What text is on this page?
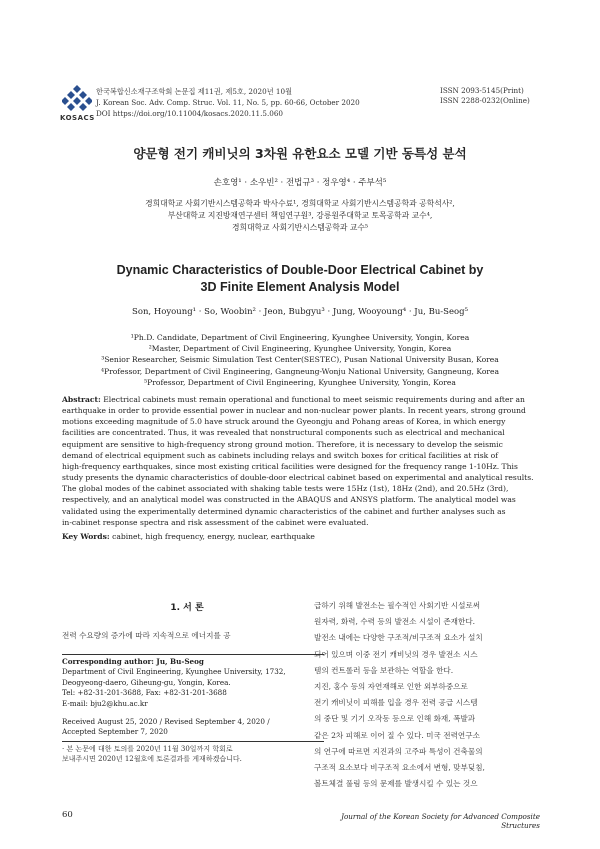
KOSACS
한국복합신소재구조학회 논문집 제11권, 제5호, 2020년 10월
J. Korean Soc. Adv. Comp. Struc. Vol. 11, No. 5, pp. 60-66, October 2020
DOI https://doi.org/10.11004/kosacs.2020.11.5.060
ISSN 2093-5145(Print)
ISSN 2288-0232(Online)
양문형 전기 캐비닛의 3차원 유한요소 모델 기반 동특성 분석
손호영¹ · 소우빈² · 전법규³ · 정우영⁴ · 주부석⁵
경희대학교 사회기반시스템공학과 박사수료¹, 경희대학교 사회기반시스템공학과 공학석사²,
부산대학교 지진방재연구센터 책임연구원³, 강릉원주대학교 토목공학과 교수⁴,
경희대학교 사회기반시스템공학과 교수⁵
Dynamic Characteristics of Double-Door Electrical Cabinet by
3D Finite Element Analysis Model
Son, Hoyoung¹ · So, Woobin² · Jeon, Bubgyu³ · Jung, Wooyoung⁴ · Ju, Bu-Seog⁵
¹Ph.D. Candidate, Department of Civil Engineering, Kyunghee University, Yongin, Korea
²Master, Department of Civil Engineering, Kyunghee University, Yongin, Korea
³Senior Researcher, Seismic Simulation Test Center(SESTEC), Pusan National University Busan, Korea
⁴Professor, Department of Civil Engineering, Gangneung-Wonju National University, Gangneung, Korea
⁵Professor, Department of Civil Engineering, Kyunghee University, Yongin, Korea
Abstract: Electrical cabinets must remain operational and functional to meet seismic requirements during and after an
earthquake in order to provide essential power in nuclear and non-nuclear power plants. In recent years, strong ground
motions exceeding magnitude of 5.0 have struck around the Gyeongju and Pohang areas of Korea, in which energy
facilities are concentrated. Thus, it was revealed that nonstructural components such as electrical and mechanical
equipment are sensitive to high-frequency strong ground motion. Therefore, it is necessary to develop the seismic
demand of electrical equipment such as cabinets including relays and switch boxes for critical facilities at risk of
high-frequency earthquakes, since most existing critical facilities were designed for the frequency range 1-10Hz. This
study presents the dynamic characteristics of double-door electrical cabinet based on experimental and analytical results.
The global modes of the cabinet associated with shaking table tests were 15Hz (1st), 18Hz (2nd), and 20.5Hz (3rd),
respectively, and an analytical model was constructed in the ABAQUS and ANSYS platform. The analytical model was
validated using the experimentally determined dynamic characteristics of the cabinet and further analyses such as
in-cabinet response spectra and risk assessment of the cabinet were evaluated.
Key Words: cabinet, high frequency, energy, nuclear, earthquake
1. 서 론
전력 수요량의 증가에 따라 지속적으로 에너지를 공
Corresponding author: Ju, Bu-Seog
Department of Civil Engineering, Kyunghee University, 1732,
Deogyeong-daero, Giheung-gu, Yongin, Korea.
Tel: +82-31-201-3688, Fax: +82-31-201-3688
E-mail: bju2@khu.ac.kr
Received August 25, 2020 / Revised September 4, 2020 /
Accepted September 7, 2020
· 본 논문에 대한 토의를 2020년 11월 30일까지 학회로
보내주시면 2020년 12월호에 토론결과를 게재하겠습니다.
급하기 위해 발전소는 필수적인 사회기반 시설로써
원자력, 화력, 수력 등의 발전소 시설이 존재한다.
발전소 내에는 다양한 구조적/비구조적 요소가 설치
되어 있으며 이중 전기 캐비닛의 경우 발전소 시스
템의 컨트롤러 등을 보관하는 역할을 한다.
지진, 홍수 등의 자연재해로 인한 외부하중으로
전기 캐비닛이 피해를 입을 경우 전력 공급 시스템
의 중단 및 기기 오작동 등으로 인해 화재, 폭발과
같은 2차 피해로 이어 질 수 있다. 미국 전력연구소
의 연구에 따르면 지진과의 고주파 특성이 건축물의
구조적 요소보다 비구조적 요소에서 변형, 맞부딪침,
볼트체결 풀림 등의 문제를 발생시킬 수 있는 것으
60	Journal of the Korean Society for Advanced Composite Structures
